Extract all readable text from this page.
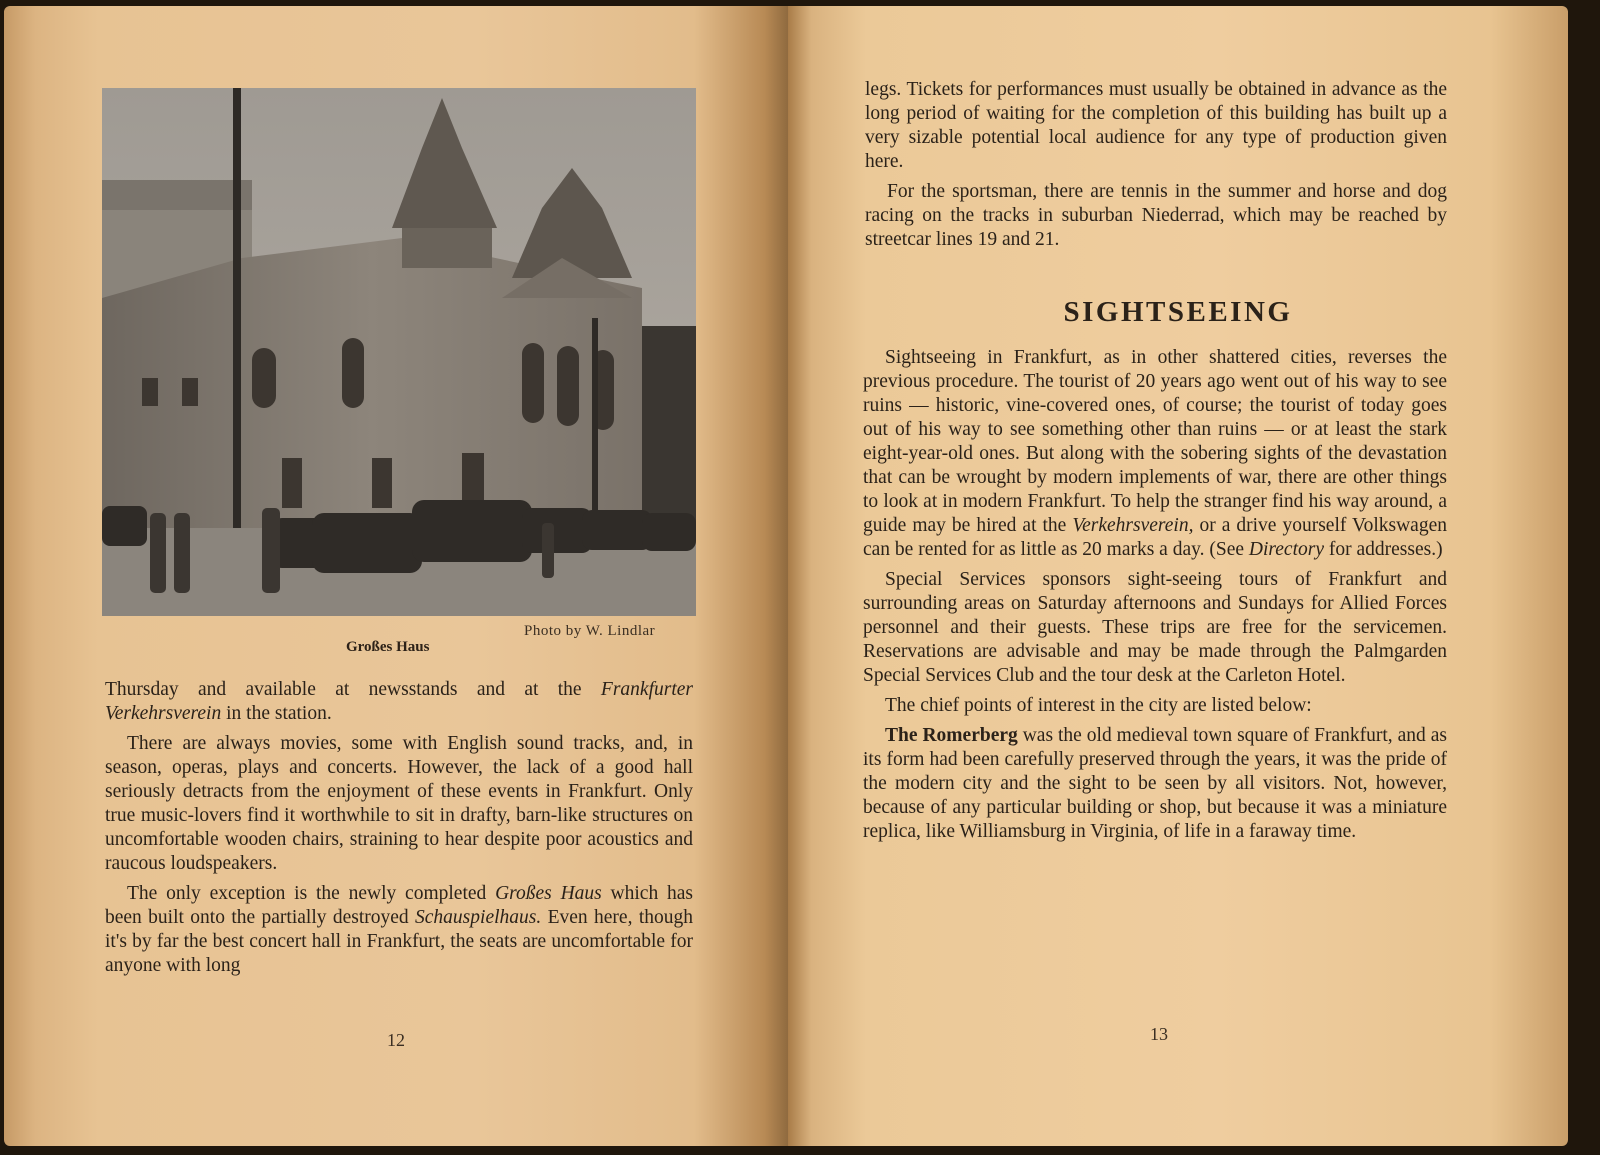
Photo by W. Lindlar
Großes Haus

Thursday and available at newsstands and at the Frankfurter Verkehrsverein in the station.

There are always movies, some with English sound tracks, and, in season, operas, plays and concerts. However, the lack of a good hall seriously detracts from the enjoyment of these events in Frankfurt. Only true music-lovers find it worthwhile to sit in drafty, barn-like structures on uncomfortable wooden chairs, straining to hear despite poor acoustics and raucous loudspeakers.

The only exception is the newly completed Großes Haus which has been built onto the partially destroyed Schauspielhaus. Even here, though it's by far the best concert hall in Frankfurt, the seats are uncomfortable for anyone with long

12

legs. Tickets for performances must usually be obtained in advance as the long period of waiting for the completion of this building has built up a very sizable potential local audience for any type of production given here.

For the sportsman, there are tennis in the summer and horse and dog racing on the tracks in suburban Niederrad, which may be reached by streetcar lines 19 and 21.

SIGHTSEEING

Sightseeing in Frankfurt, as in other shattered cities, reverses the previous procedure. The tourist of 20 years ago went out of his way to see ruins — historic, vine-covered ones, of course; the tourist of today goes out of his way to see something other than ruins — or at least the stark eight-year-old ones. But along with the sobering sights of the devastation that can be wrought by modern implements of war, there are other things to look at in modern Frankfurt. To help the stranger find his way around, a guide may be hired at the Verkehrsverein, or a drive yourself Volkswagen can be rented for as little as 20 marks a day. (See Directory for addresses.)

Special Services sponsors sight-seeing tours of Frankfurt and surrounding areas on Saturday afternoons and Sundays for Allied Forces personnel and their guests. These trips are free for the servicemen. Reservations are advisable and may be made through the Palmgarden Special Services Club and the tour desk at the Carleton Hotel.

The chief points of interest in the city are listed below:

The Romerberg was the old medieval town square of Frankfurt, and as its form had been carefully preserved through the years, it was the pride of the modern city and the sight to be seen by all visitors. Not, however, because of any particular building or shop, but because it was a miniature replica, like Williamsburg in Virginia, of life in a faraway time.

13
